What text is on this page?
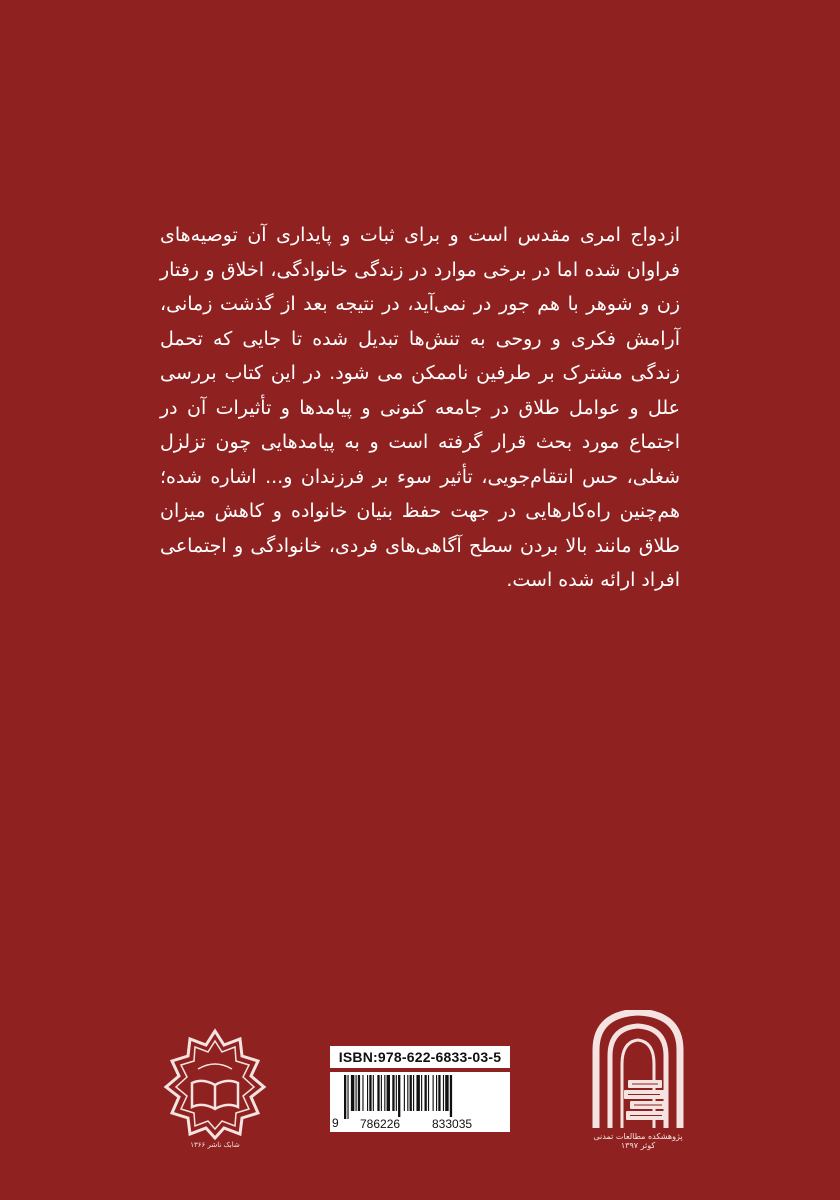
ازدواج امری مقدس است و برای ثبات و پایداری آن توصیه‌های
فراوان شده اما در برخی موارد در زندگی خانوادگی، اخلاق و رفتار
زن و شوهر با هم جور در نمی‌آید، در نتیجه بعد از گذشت زمانی،
آرامش فکری و روحی به تنش‌ها تبدیل شده تا جایی که تحمل
زندگی مشترک بر طرفین ناممکن می شود. در این کتاب بررسی
علل و عوامل طلاق در جامعه کنونی و پیامدها و تأثیرات آن در
اجتماع مورد بحث قرار گرفته است و به پیامدهایی چون تزلزل
شغلی، حس انتقام‌جویی، تأثیر سوء بر فرزندان و... اشاره شده؛
هم‌چنین راه‌کارهایی در جهت حفظ بنیان خانواده و کاهش میزان
طلاق مانند بالا بردن سطح آگاهی‌های فردی، خانوادگی و اجتماعی
افراد ارائه شده است.
شابک ناشر ۱۳۶۶
ISBN:978-622-6833-03-5
9 786226	833035
پژوهشکده مطالعات تمدنی کوثر ۱۳۹۷
